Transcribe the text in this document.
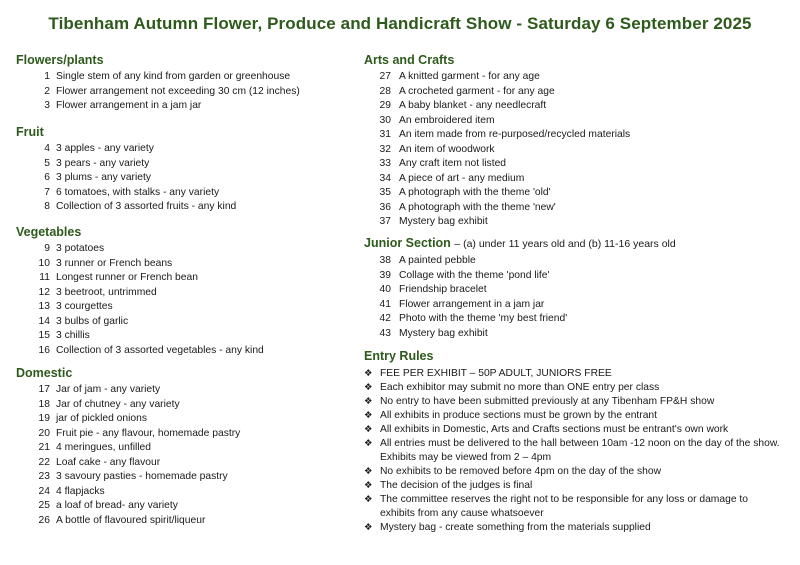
Tibenham Autumn Flower, Produce and Handicraft Show - Saturday 6 September 2025
Flowers/plants
1 Single stem of any kind from garden or greenhouse
2 Flower arrangement not exceeding 30 cm (12 inches)
3 Flower arrangement in a jam jar
Fruit
4 3 apples - any variety
5 3 pears - any variety
6 3 plums - any variety
7 6 tomatoes, with stalks - any variety
8 Collection of 3 assorted fruits - any kind
Vegetables
9 3 potatoes
10 3 runner or French beans
11 Longest runner or French bean
12 3 beetroot, untrimmed
13 3 courgettes
14 3 bulbs of garlic
15 3 chillis
16 Collection of 3 assorted vegetables - any kind
Domestic
17 Jar of jam - any variety
18 Jar of chutney - any variety
19 jar of pickled onions
20 Fruit pie - any flavour, homemade pastry
21 4 meringues, unfilled
22 Loaf cake - any flavour
23 3 savoury pasties - homemade pastry
24 4 flapjacks
25 a loaf of bread- any variety
26 A bottle of flavoured spirit/liqueur
Arts and Crafts
27 A knitted garment - for any age
28 A crocheted garment - for any age
29 A baby blanket - any needlecraft
30 An embroidered item
31 An item made from re-purposed/recycled materials
32 An item of woodwork
33 Any craft item not listed
34 A piece of art - any medium
35 A photograph with the theme 'old'
36 A photograph with the theme 'new'
37 Mystery bag exhibit
Junior Section – (a) under 11 years old and (b) 11-16 years old
38 A painted pebble
39 Collage with the theme 'pond life'
40 Friendship bracelet
41 Flower arrangement in a jam jar
42 Photo with the theme 'my best friend'
43 Mystery bag exhibit
Entry Rules
❖ FEE PER EXHIBIT – 50P ADULT, JUNIORS FREE
❖ Each exhibitor may submit no more than ONE entry per class
❖ No entry to have been submitted previously at any Tibenham FP&H show
❖ All exhibits in produce sections must be grown by the entrant
❖ All exhibits in Domestic, Arts and Crafts sections must be entrant's own work
❖ All entries must be delivered to the hall between 10am -12 noon on the day of the show. Exhibits may be viewed from 2 – 4pm
❖ No exhibits to be removed before 4pm on the day of the show
❖ The decision of the judges is final
❖ The committee reserves the right not to be responsible for any loss or damage to exhibits from any cause whatsoever
❖ Mystery bag - create something from the materials supplied
